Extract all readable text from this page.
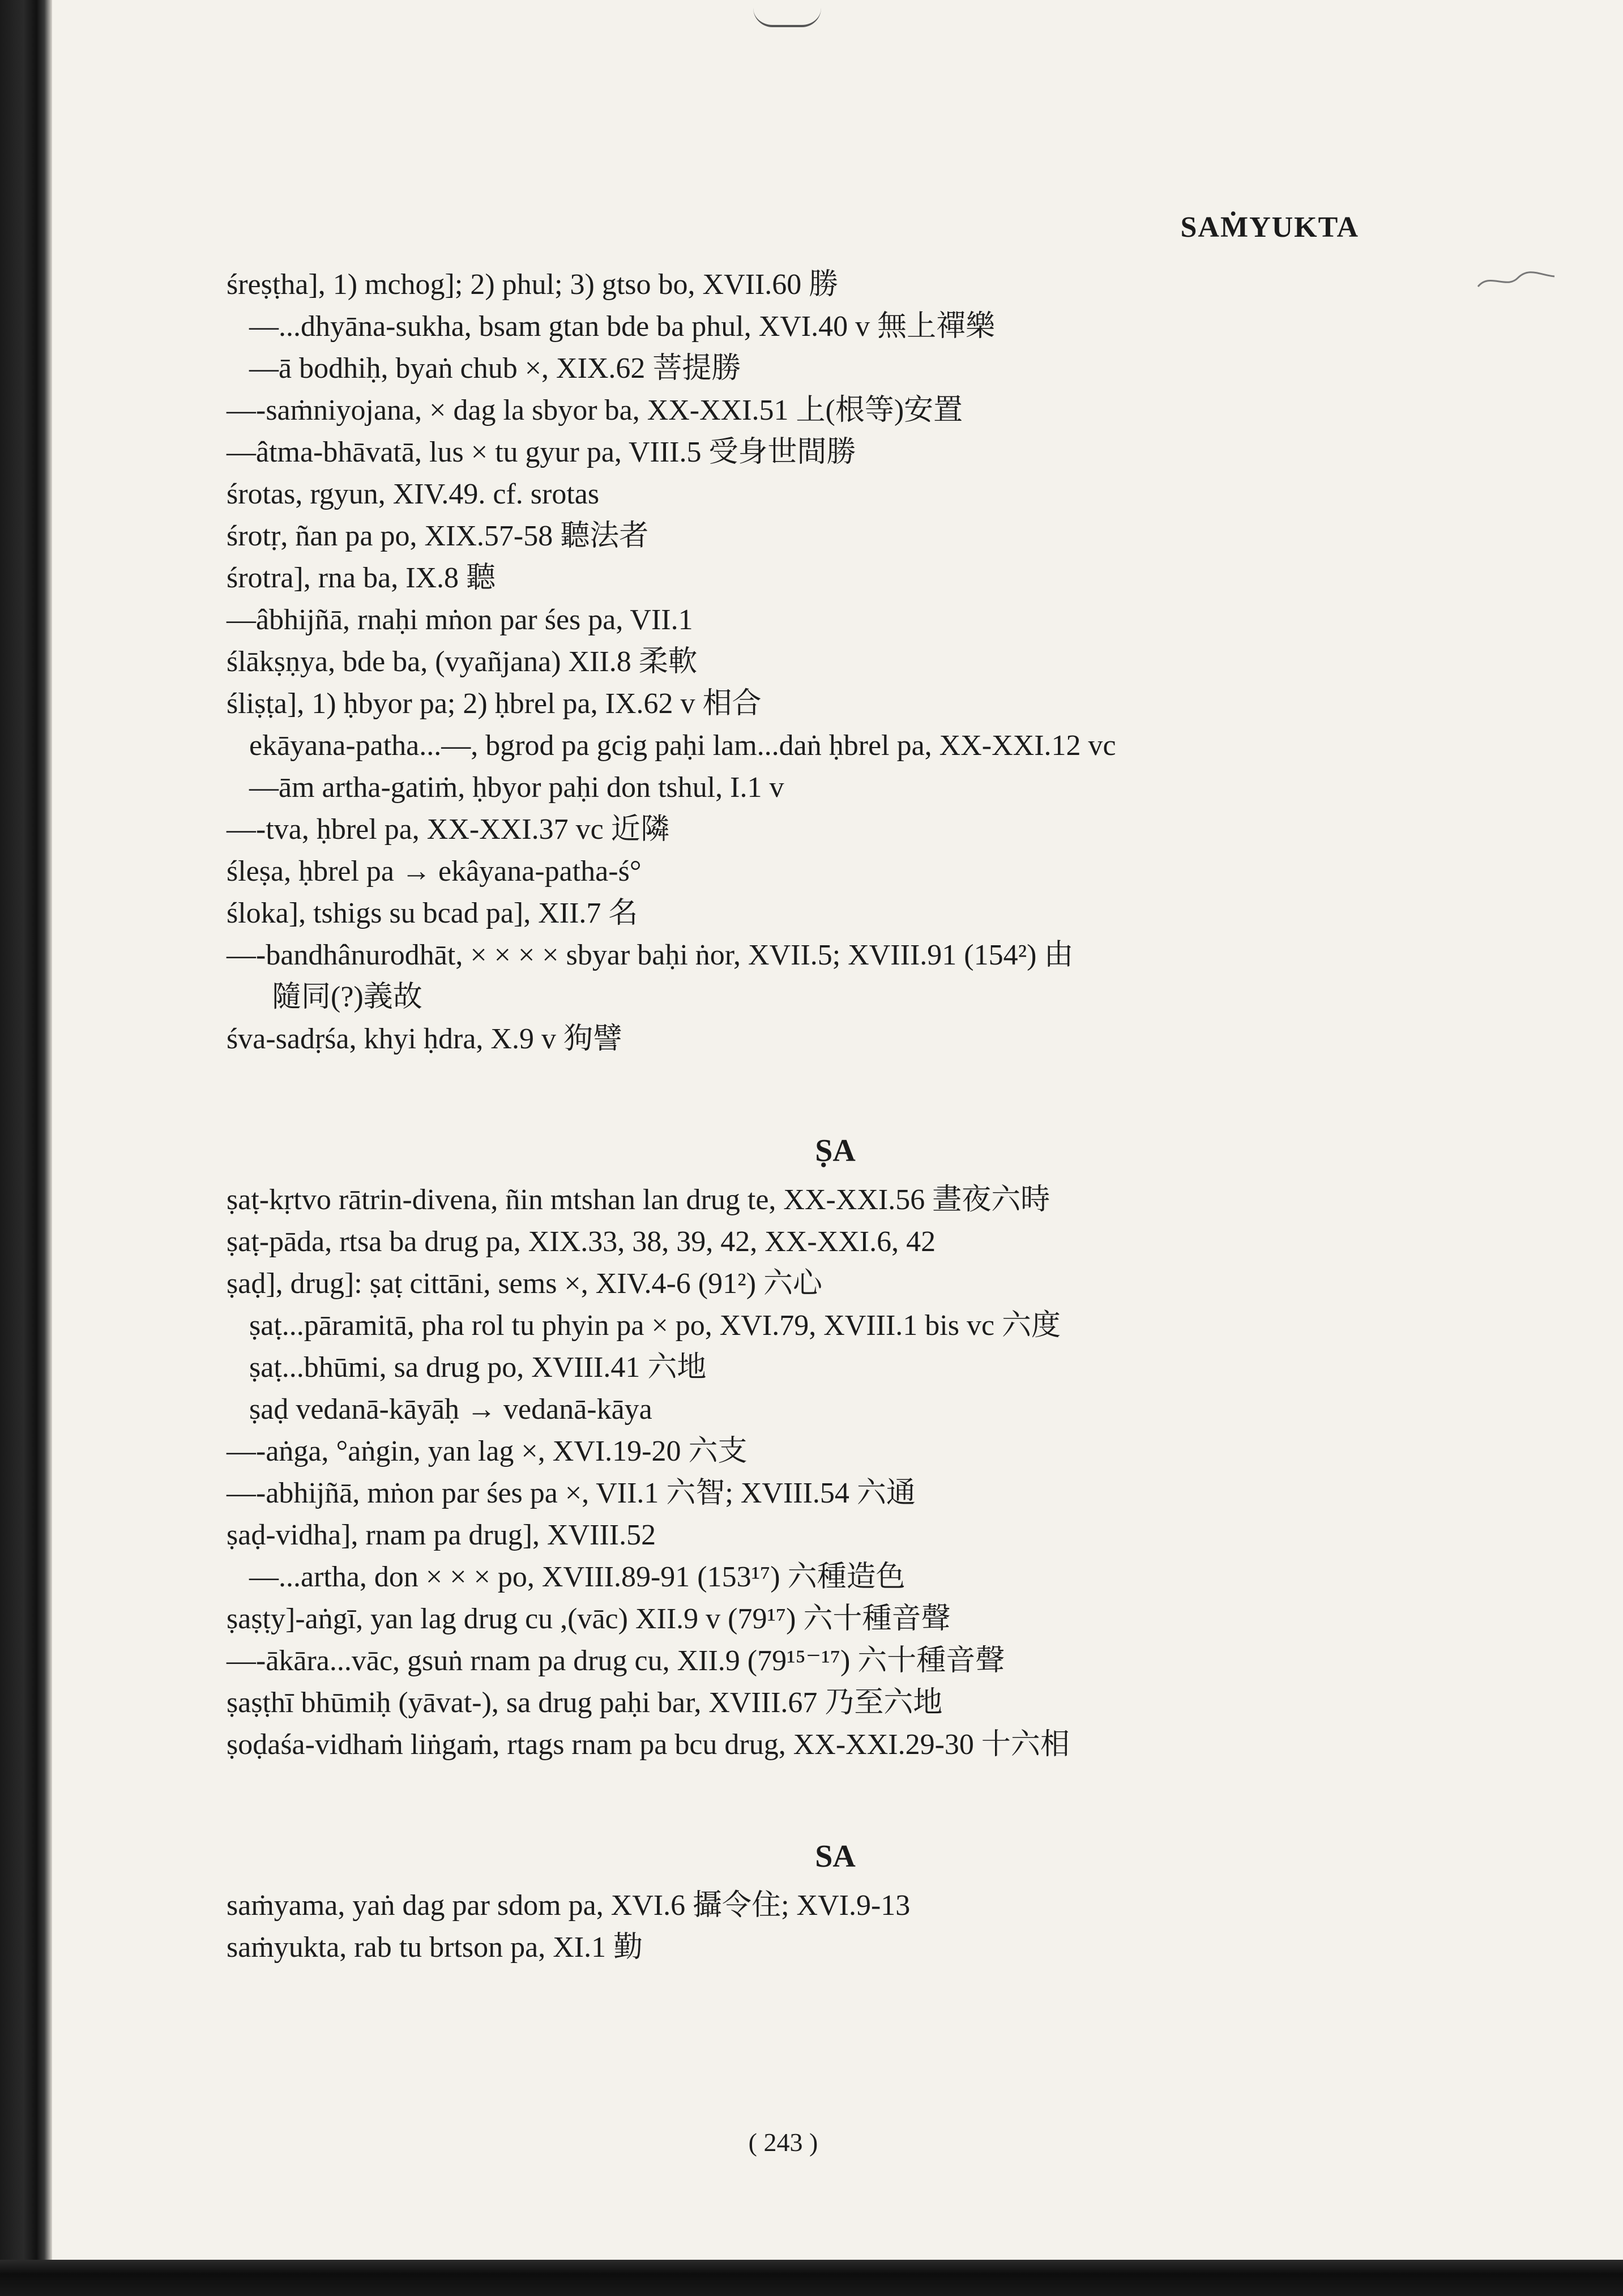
SAṀYUKTA
śreṣṭha], 1) mchog]; 2) phul; 3) gtso bo, XVII.60 勝
—...dhyāna-sukha, bsam gtan bde ba phul, XVI.40 v 無上禪樂
—ā bodhiḥ, byaṅ chub ×, XIX.62 菩提勝
—-saṁniyojana, × dag la sbyor ba, XX-XXI.51 上(根等)安置
—âtma-bhāvatā, lus × tu gyur pa, VIII.5 受身世間勝
śrotas, rgyun, XIV.49. cf. srotas
śrotṛ, ñan pa po, XIX.57-58 聽法者
śrotra], rna ba, IX.8 聽
—âbhijñā, rnaḥi mṅon par śes pa, VII.1
ślākṣṇya, bde ba, (vyañjana) XII.8 柔軟
śliṣṭa], 1) ḥbyor pa; 2) ḥbrel pa, IX.62 v 相合
ekāyana-patha...—, bgrod pa gcig paḥi lam...daṅ ḥbrel pa, XX-XXI.12 vc
—ām artha-gatiṁ, ḥbyor paḥi don tshul, I.1 v
—-tva, ḥbrel pa, XX-XXI.37 vc 近隣
śleṣa, ḥbrel pa → ekâyana-patha-ś°
śloka], tshigs su bcad pa], XII.7 名
—-bandhânurodhāt, × × × × sbyar baḥi ṅor, XVII.5; XVIII.91 (154²) 由
隨同(?)義故
śva-sadṛśa, khyi ḥdra, X.9 v 狗譬
ṢA
ṣaṭ-kṛtvo rātrin-divena, ñin mtshan lan drug te, XX-XXI.56 晝夜六時
ṣaṭ-pāda, rtsa ba drug pa, XIX.33, 38, 39, 42, XX-XXI.6, 42
ṣaḍ], drug]: ṣaṭ cittāni, sems ×, XIV.4-6 (91²) 六心
ṣaṭ...pāramitā, pha rol tu phyin pa × po, XVI.79, XVIII.1 bis vc 六度
ṣaṭ...bhūmi, sa drug po, XVIII.41 六地
ṣaḍ vedanā-kāyāḥ → vedanā-kāya
—-aṅga, °aṅgin, yan lag ×, XVI.19-20 六支
—-abhijñā, mṅon par śes pa ×, VII.1 六智; XVIII.54 六通
ṣaḍ-vidha], rnam pa drug], XVIII.52
—...artha, don × × × po, XVIII.89-91 (153¹⁷) 六種造色
ṣaṣṭy]-aṅgī, yan lag drug cu ,(vāc) XII.9 v (79¹⁷) 六十種音聲
—-ākāra...vāc, gsuṅ rnam pa drug cu, XII.9 (79¹⁵⁻¹⁷) 六十種音聲
ṣaṣṭhī bhūmiḥ (yāvat-), sa drug paḥi bar, XVIII.67 乃至六地
ṣoḍaśa-vidhaṁ liṅgaṁ, rtags rnam pa bcu drug, XX-XXI.29-30 十六相
SA
saṁyama, yaṅ dag par sdom pa, XVI.6 攝令住; XVI.9-13
saṁyukta, rab tu brtson pa, XI.1 勤
( 243 )
